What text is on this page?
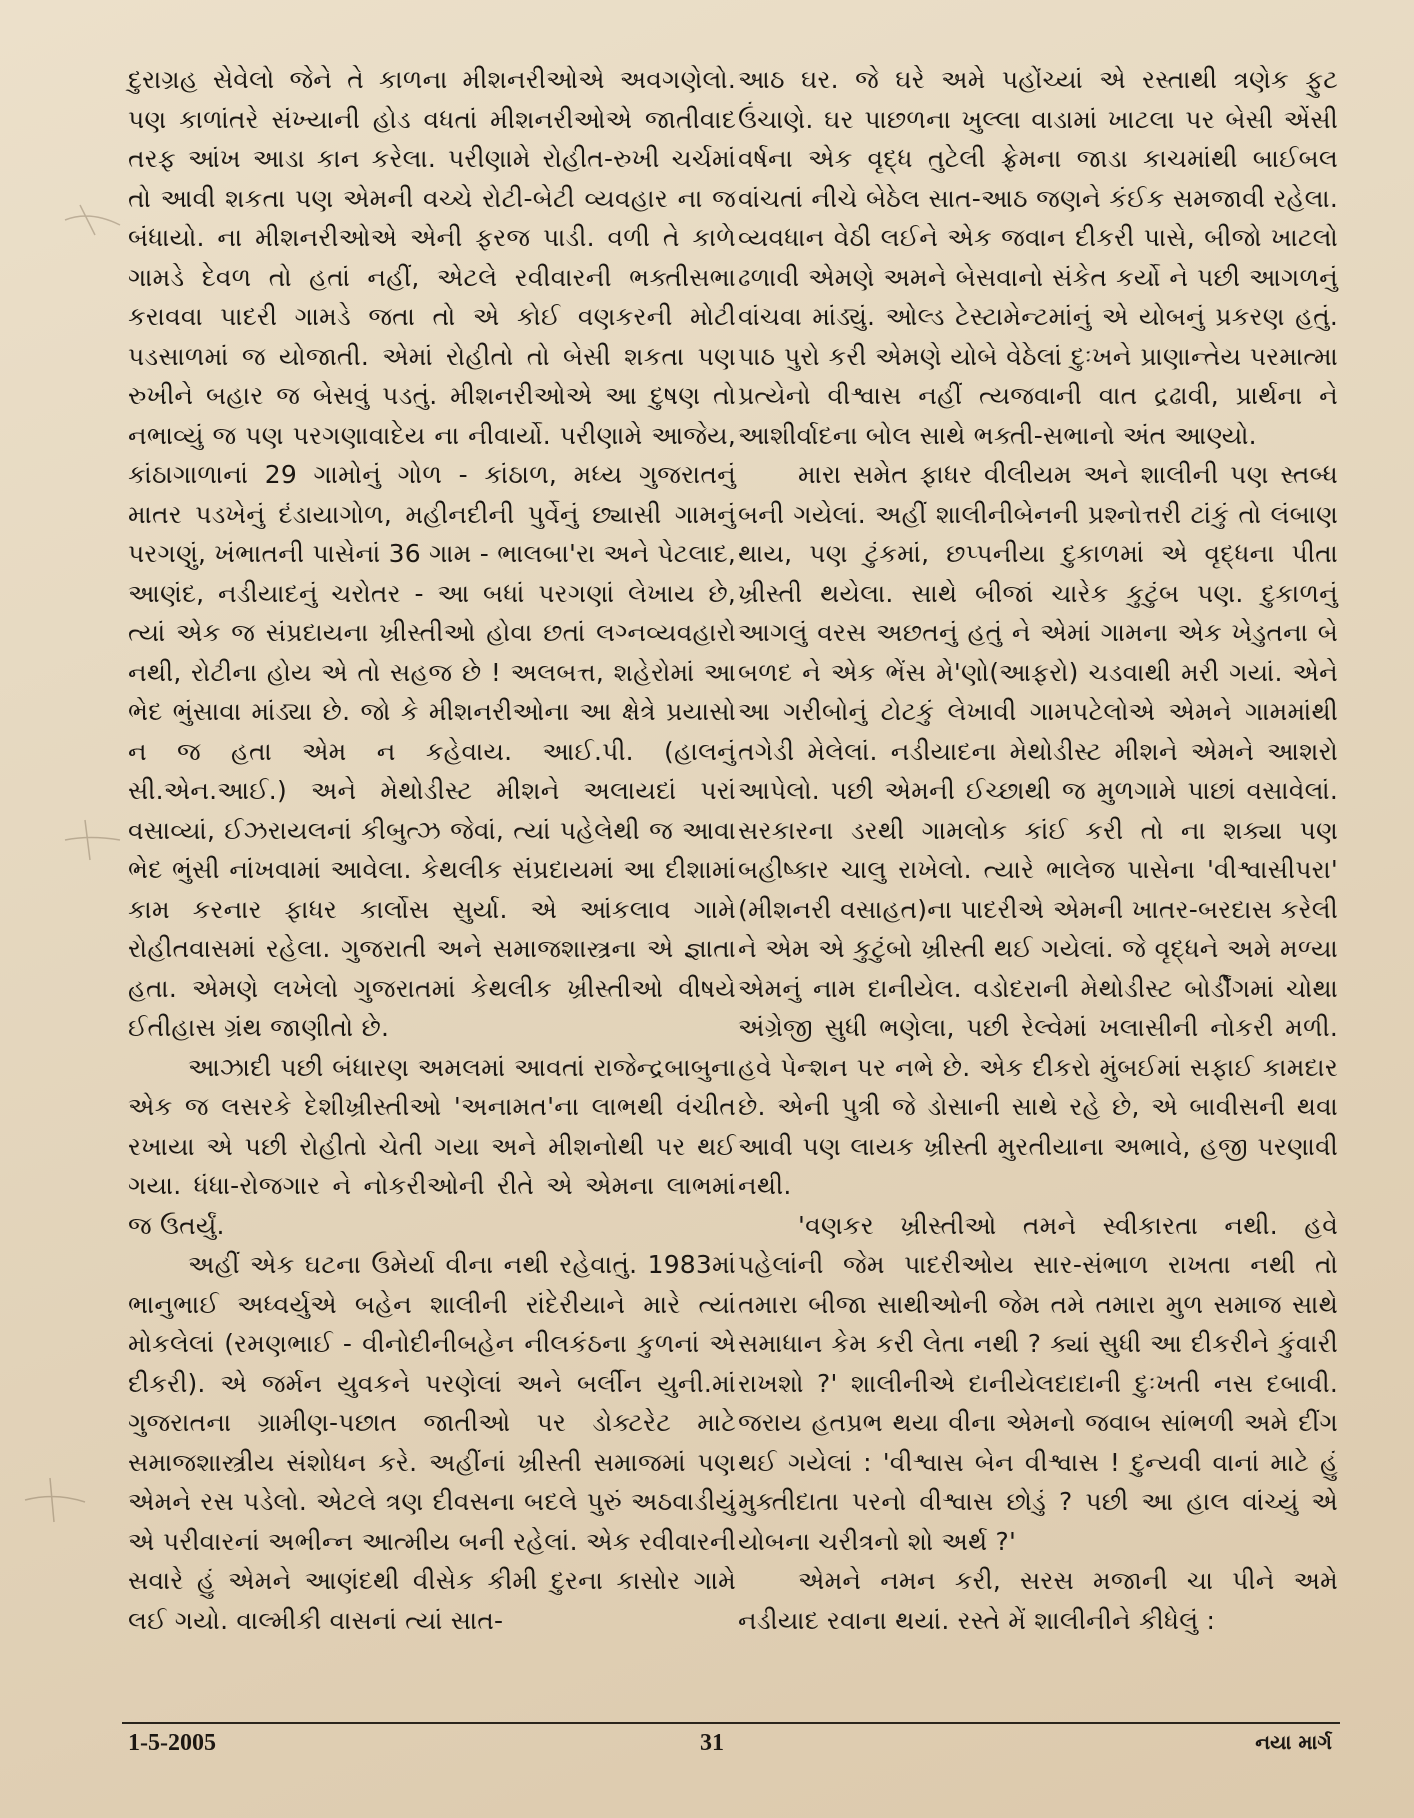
દુરાગ્રહ સેવેલો જેને તે કાળના મીશનરીઓએ અવગણેલો. પણ કાળાંતરે સંખ્યાની હોડ વધતાં મીશનરીઓએ જાતીવાદ તરફ આંખ આડા કાન કરેલા. પરીણામે રોહીત-રુખી ચર્ચમાં તો આવી શકતા પણ એમની વચ્ચે રોટી-બેટી વ્યવહાર ના જ બંધાયો. ના મીશનરીઓએ એની ફરજ પાડી. વળી તે કાળે ગામડે દેવળ તો હતાં નહીં, એટલે રવીવારની ભક્તીસભા કરાવવા પાદરી ગામડે જતા તો એ કોઈ વણકરની મોટી પડસાળમાં જ યોજાતી. એમાં રોહીતો તો બેસી શકતા પણ રુખીને બહાર જ બેસવું પડતું. મીશનરીઓએ આ દુષણ તો નભાવ્યું જ પણ પરગણાવાદેય ના નીવાર્યો. પરીણામે આજેય, કાંઠાગાળાનાં 29 ગામોનું ગોળ - કાંઠાળ, મધ્ય ગુજરાતનું માતર પડખેનું દંડાયાગોળ, મહીનદીની પુર્વેનું છ્યાસી ગામનું પરગણું, ખંભાતની પાસેનાં 36 ગામ - ભાલબા'રા અને પેટલાદ, આણંદ, નડીયાદનું ચરોતર - આ બધાં પરગણાં લેખાય છે, ત્યાં એક જ સંપ્રદાયના ખ્રીસ્તીઓ હોવા છતાં લગ્નવ્યવહારો નથી, રોટીના હોય એ તો સહજ છે ! અલબત્ત, શહેરોમાં આ ભેદ ભુંસાવા માંડ્યા છે. જો કે મીશનરીઓના આ ક્ષેત્રે પ્રયાસો ન જ હતા એમ ન કહેવાય. આઈ.પી. (હાલનું સી.એન.આઈ.) અને મેથોડીસ્ટ મીશને અલાયદાં પરાં વસાવ્યાં, ઈઝરાયલનાં કીબુત્ઝ જેવાં, ત્યાં પહેલેથી જ આવા ભેદ ભુંસી નાંખવામાં આવેલા. કેથલીક સંપ્રદાયમાં આ દીશામાં કામ કરનાર ફાધર કાર્લોસ સુર્યા. એ આંકલાવ ગામે રોહીતવાસમાં રહેલા. ગુજરાતી અને સમાજશાસ્ત્રના એ જ્ઞાતા હતા. એમણે લખેલો ગુજરાતમાં કેથલીક ખ્રીસ્તીઓ વીષયે ઈતીહાસ ગ્રંથ જાણીતો છે.

આઝાદી પછી બંધારણ અમલમાં આવતાં રાજેન્દ્રબાબુના એક જ લસરકે દેશીખ્રીસ્તીઓ 'અનામત'ના લાભથી વંચીત રખાયા એ પછી રોહીતો ચેતી ગયા અને મીશનોથી પર થઈ ગયા. ધંધા-રોજગાર ને નોકરીઓની રીતે એ એમના લાભમાં જ ઉતર્યું.

અહીં એક ઘટના ઉમેર્યા વીના નથી રહેવાતું. 1983માં ભાનુભાઈ અધ્વર્યુએ બહેન શાલીની રાંદેરીયાને મારે ત્યાં મોકલેલાં (રમણભાઈ - વીનોદીનીબહેન નીલકંઠના કુળનાં એ દીકરી). એ જર્મન યુવકને પરણેલાં અને બર્લીન યુની.માં ગુજરાતના ગ્રામીણ-પછાત જાતીઓ પર ડોક્ટરેટ માટે સમાજશાસ્ત્રીય સંશોધન કરે. અહીંનાં ખ્રીસ્તી સમાજમાં પણ એમને રસ પડેલો. એટલે ત્રણ દીવસના બદલે પુરું અઠવાડીયું એ પરીવારનાં અભીન્ન આત્મીય બની રહેલાં. એક રવીવારની સવારે હું એમને આણંદથી વીસેક કીમી દુરના કાસોર ગામે લઈ ગયો. વાલ્મીકી વાસનાં ત્યાં સાત-

આઠ ઘર. જે ઘરે અમે પહોંચ્યાં એ રસ્તાથી ત્રણેક ફુટ ઉંચાણે. ઘર પાછળના ખુલ્લા વાડામાં ખાટલા પર બેસી એંસી વર્ષના એક વૃદ્ધ તુટેલી ફ્રેમના જાડા કાચમાંથી બાઈબલ વાંચતાં નીચે બેઠેલ સાત-આઠ જણને કંઈક સમજાવી રહેલા. વ્યવધાન વેઠી લઈને એક જવાન દીકરી પાસે, બીજો ખાટલો ઢળાવી એમણે અમને બેસવાનો સંકેત કર્યો ને પછી આગળનું વાંચવા માંડ્યું. ઓલ્ડ ટેસ્ટામેન્ટમાંનું એ યોબનું પ્રકરણ હતું. પાઠ પુરો કરી એમણે યોબે વેઠેલાં દુઃખને પ્રાણાન્તેય પરમાત્મા પ્રત્યેનો વીશ્વાસ નહીં ત્યજવાની વાત દ્રઢાવી, પ્રાર્થના ને આશીર્વાદના બોલ સાથે ભક્તી-સભાનો અંત આણ્યો.

મારા સમેત ફાધર વીલીયમ અને શાલીની પણ સ્તબ્ધ બની ગયેલાં. અહીં શાલીનીબેનની પ્રશ્નોત્તરી ટાંકું તો લંબાણ થાય, પણ ટુંકમાં, છપ્પનીયા દુકાળમાં એ વૃદ્ધના પીતા ખ્રીસ્તી થયેલા. સાથે બીજાં ચારેક કુટુંબ પણ. દુકાળનું આગલું વરસ અછતનું હતું ને એમાં ગામના એક ખેડુતના બે બળદ ને એક ભેંસ મે'ણો(આફરો) ચડવાથી મરી ગયાં. એને આ ગરીબોનું ટોટકું લેખાવી ગામપટેલોએ એમને ગામમાંથી તગેડી મેલેલાં. નડીયાદના મેથોડીસ્ટ મીશને એમને આશરો આપેલો. પછી એમની ઈચ્છાથી જ મુળગામે પાછાં વસાવેલાં. સરકારના ડરથી ગામલોક કાંઈ કરી તો ના શક્યા પણ બહીષ્કાર ચાલુ રાખેલો. ત્યારે ભાલેજ પાસેના 'વીશ્વાસીપરા' (મીશનરી વસાહત)ના પાદરીએ એમની ખાતર-બરદાસ કરેલી ને એમ એ કુટુંબો ખ્રીસ્તી થઈ ગયેલાં. જે વૃદ્ધને અમે મળ્યા એમનું નામ દાનીયેલ. વડોદરાની મેથોડીસ્ટ બોર્ડીંગમાં ચોથા અંગ્રેજી સુધી ભણેલા, પછી રેલ્વેમાં ખલાસીની નોકરી મળી. હવે પેન્શન પર નભે છે. એક દીકરો મુંબઈમાં સફાઈ કામદાર છે. એની પુત્રી જે ડોસાની સાથે રહે છે, એ બાવીસની થવા આવી પણ લાયક ખ્રીસ્તી મુરતીયાના અભાવે, હજી પરણાવી નથી.

'વણકર ખ્રીસ્તીઓ તમને સ્વીકારતા નથી. હવે પહેલાંની જેમ પાદરીઓય સાર-સંભાળ રાખતા નથી તો તમારા બીજા સાથીઓની જેમ તમે તમારા મુળ સમાજ સાથે સમાધાન કેમ કરી લેતા નથી ? ક્યાં સુધી આ દીકરીને કુંવારી રાખશો ?' શાલીનીએ દાનીયેલદાદાની દુઃખતી નસ દબાવી. જરાય હતપ્રભ થયા વીના એમનો જવાબ સાંભળી અમે દીંગ થઈ ગયેલાં : 'વીશ્વાસ બેન વીશ્વાસ ! દુન્યવી વાનાં માટે હું મુક્તીદાતા પરનો વીશ્વાસ છોડું ? પછી આ હાલ વાંચ્યું એ યોબના ચરીત્રનો શો અર્થ ?'

એમને નમન કરી, સરસ મજાની ચા પીને અમે નડીયાદ રવાના થયાં. રસ્તે મેં શાલીનીને કીધેલું :

1-5-2005	31	નયા માર્ગ
